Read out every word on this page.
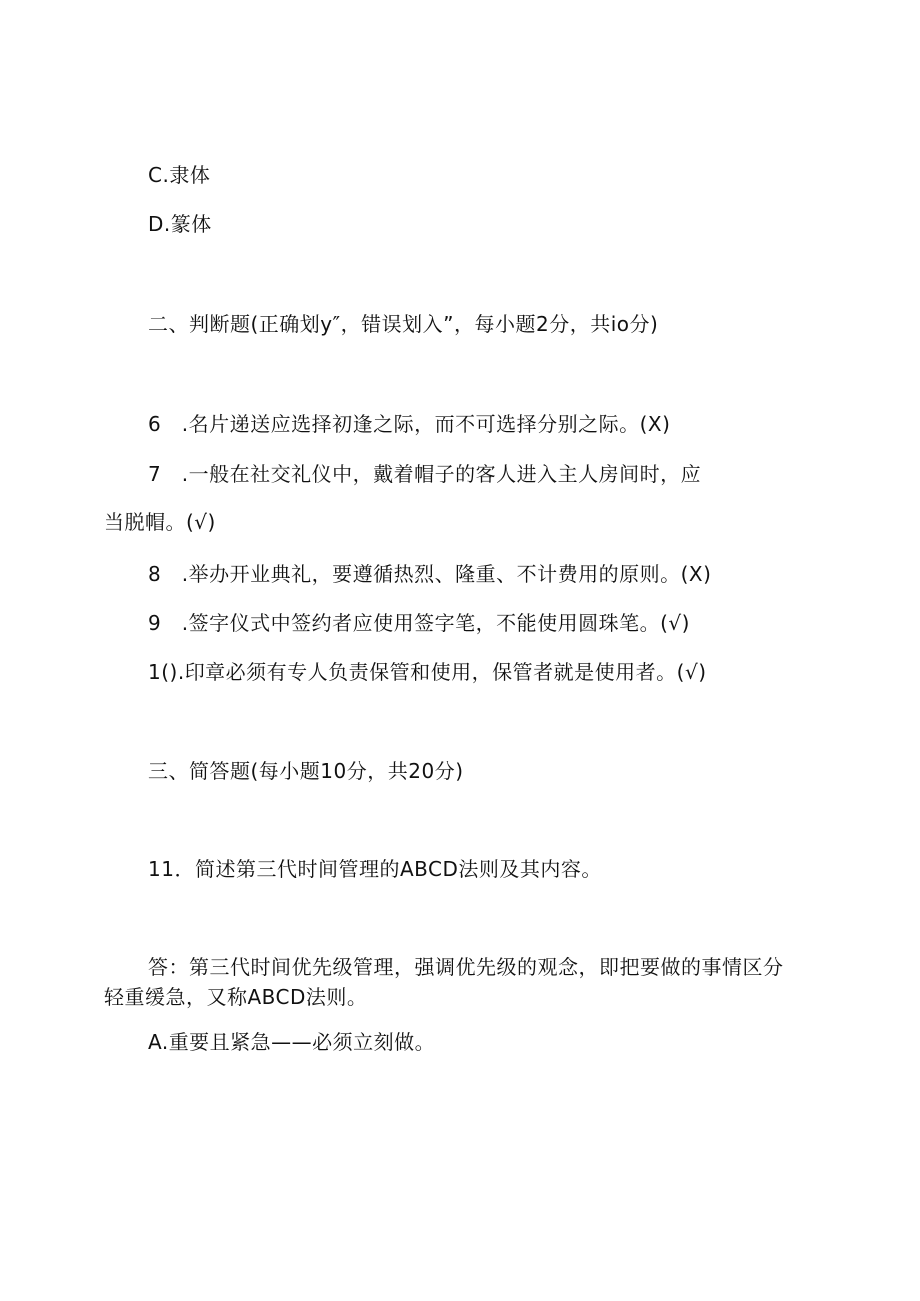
C.隶体
D.篆体
二、判断题(正确划y″，错误划入”，每小题2分，共io分)
6　.名片递送应选择初逢之际，而不可选择分别之际。(X)
7　.一般在社交礼仪中，戴着帽子的客人进入主人房间时，应
当脱帽。(√)
8　.举办开业典礼，要遵循热烈、隆重、不计费用的原则。(X)
9　.签字仪式中签约者应使用签字笔，不能使用圆珠笔。(√)
1().印章必须有专人负责保管和使用，保管者就是使用者。(√)
三、简答题(每小题10分，共20分)
11．简述第三代时间管理的ABCD法则及其内容。
答：第三代时间优先级管理，强调优先级的观念，即把要做的事情区分
轻重缓急，又称ABCD法则。
A.重要且紧急——必须立刻做。
